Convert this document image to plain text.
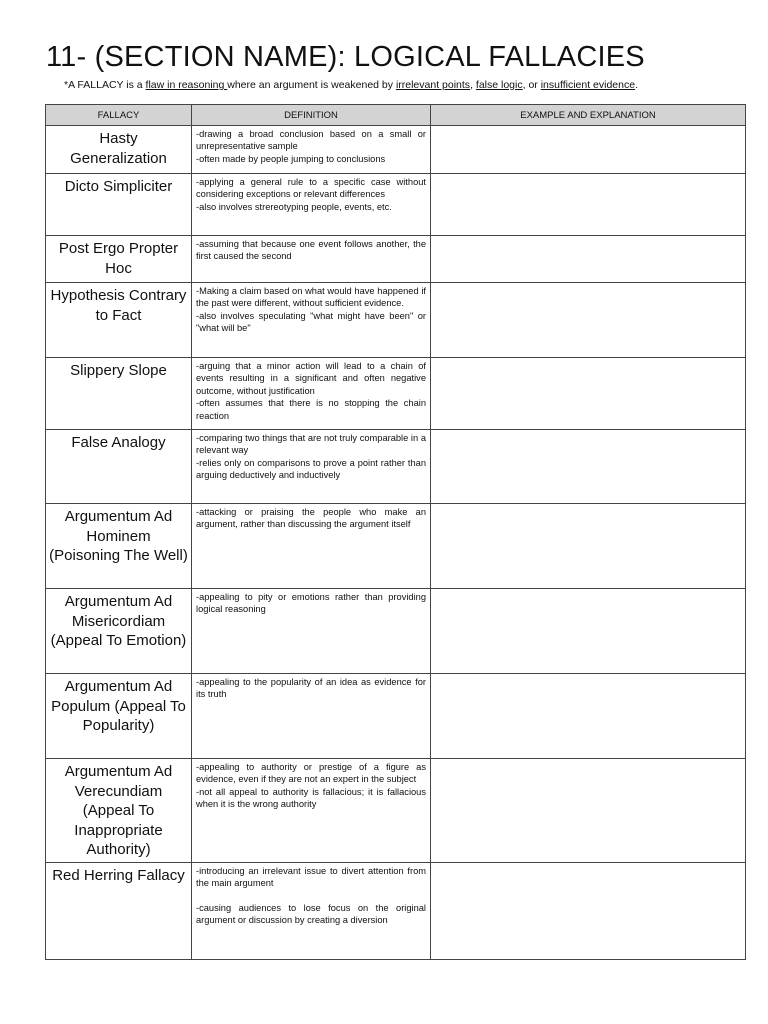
11- (SECTION NAME): LOGICAL FALLACIES
*A FALLACY is a flaw in reasoning where an argument is weakened by irrelevant points, false logic, or insufficient evidence.
FALLACY	DEFINITION	EXAMPLE AND EXPLANATION
Hasty Generalization	-drawing a broad conclusion based on a small or unrepresentative sample
-often made by people jumping to conclusions	

Dicto Simpliciter	-applying a general rule to a specific case without considering exceptions or relevant differences
-also involves strereotyping people, events, etc.	

Post Ergo Propter Hoc	-assuming that because one event follows another, the first caused the second	

Hypothesis Contrary to Fact	-Making a claim based on what would have happened if the past were different, without sufficient evidence.
-also involves speculating "what might have been" or "what will be"	

Slippery Slope	-arguing that a minor action will lead to a chain of events resulting in a significant and often negative outcome, without justification
-often assumes that there is no stopping the chain reaction	

False Analogy	-comparing two things that are not truly comparable in a relevant way
-relies only on comparisons to prove a point rather than arguing deductively and inductively	

Argumentum Ad Hominem (Poisoning The Well)	-attacking or praising the people who make an argument, rather than discussing the argument itself	

Argumentum Ad Misericordiam (Appeal To Emotion)	-appealing to pity or emotions rather than providing logical reasoning	

Argumentum Ad Populum (Appeal To Popularity)	-appealing to the popularity of an idea as evidence for its truth	

Argumentum Ad Verecundiam (Appeal To Inappropriate Authority)	-appealing to authority or prestige of a figure as evidence, even if they are not an expert in the subject
-not all appeal to authority is fallacious; it is fallacious when it is the wrong authority	

Red Herring Fallacy	-introducing an irrelevant issue to divert attention from the main argument
-causing audiences to lose focus on the original argument or discussion by creating a diversion	
